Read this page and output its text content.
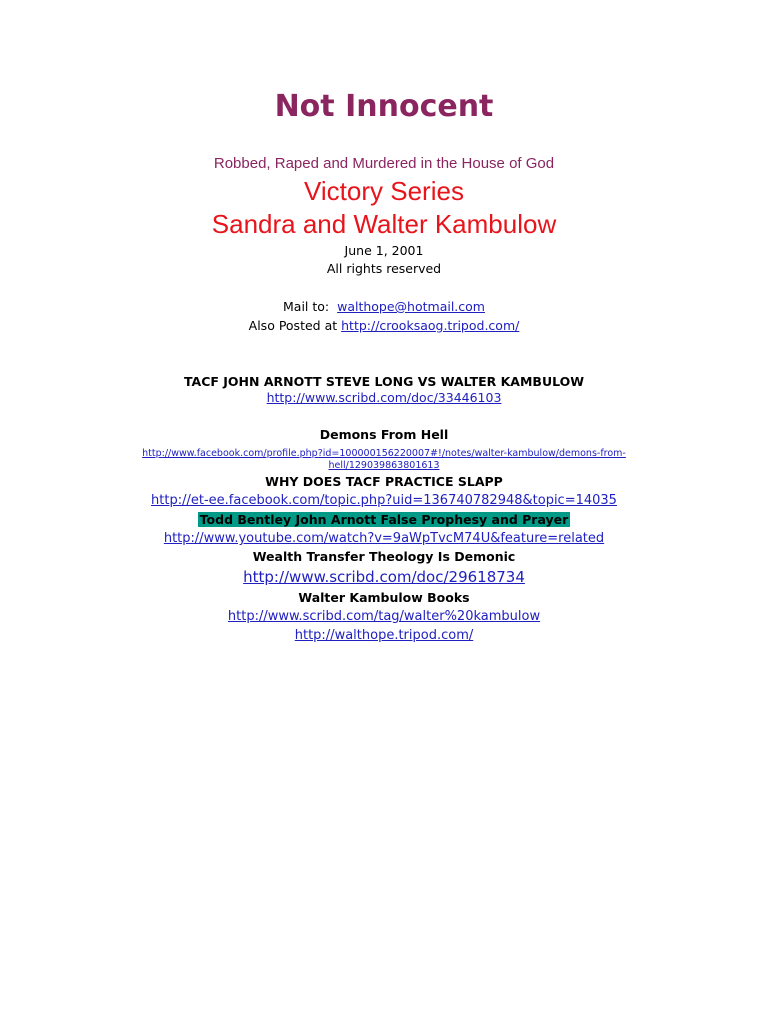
Not Innocent
Robbed, Raped and Murdered in the House of God
Victory Series
Sandra and Walter Kambulow
June 1, 2001
All rights reserved
Mail to: walthope@hotmail.com
Also Posted at http://crooksaog.tripod.com/
TACF JOHN ARNOTT STEVE LONG VS WALTER KAMBULOW
http://www.scribd.com/doc/33446103
Demons From Hell
http://www.facebook.com/profile.php?id=100000156220007#!/notes/walter-kambulow/demons-from-
hell/129039863801613
WHY DOES TACF PRACTICE SLAPP
http://et-ee.facebook.com/topic.php?uid=136740782948&topic=14035
Todd Bentley John Arnott False Prophesy and Prayer
http://www.youtube.com/watch?v=9aWpTvcM74U&feature=related
Wealth Transfer Theology Is Demonic
http://www.scribd.com/doc/29618734
Walter Kambulow Books
http://www.scribd.com/tag/walter%20kambulow
http://walthope.tripod.com/
